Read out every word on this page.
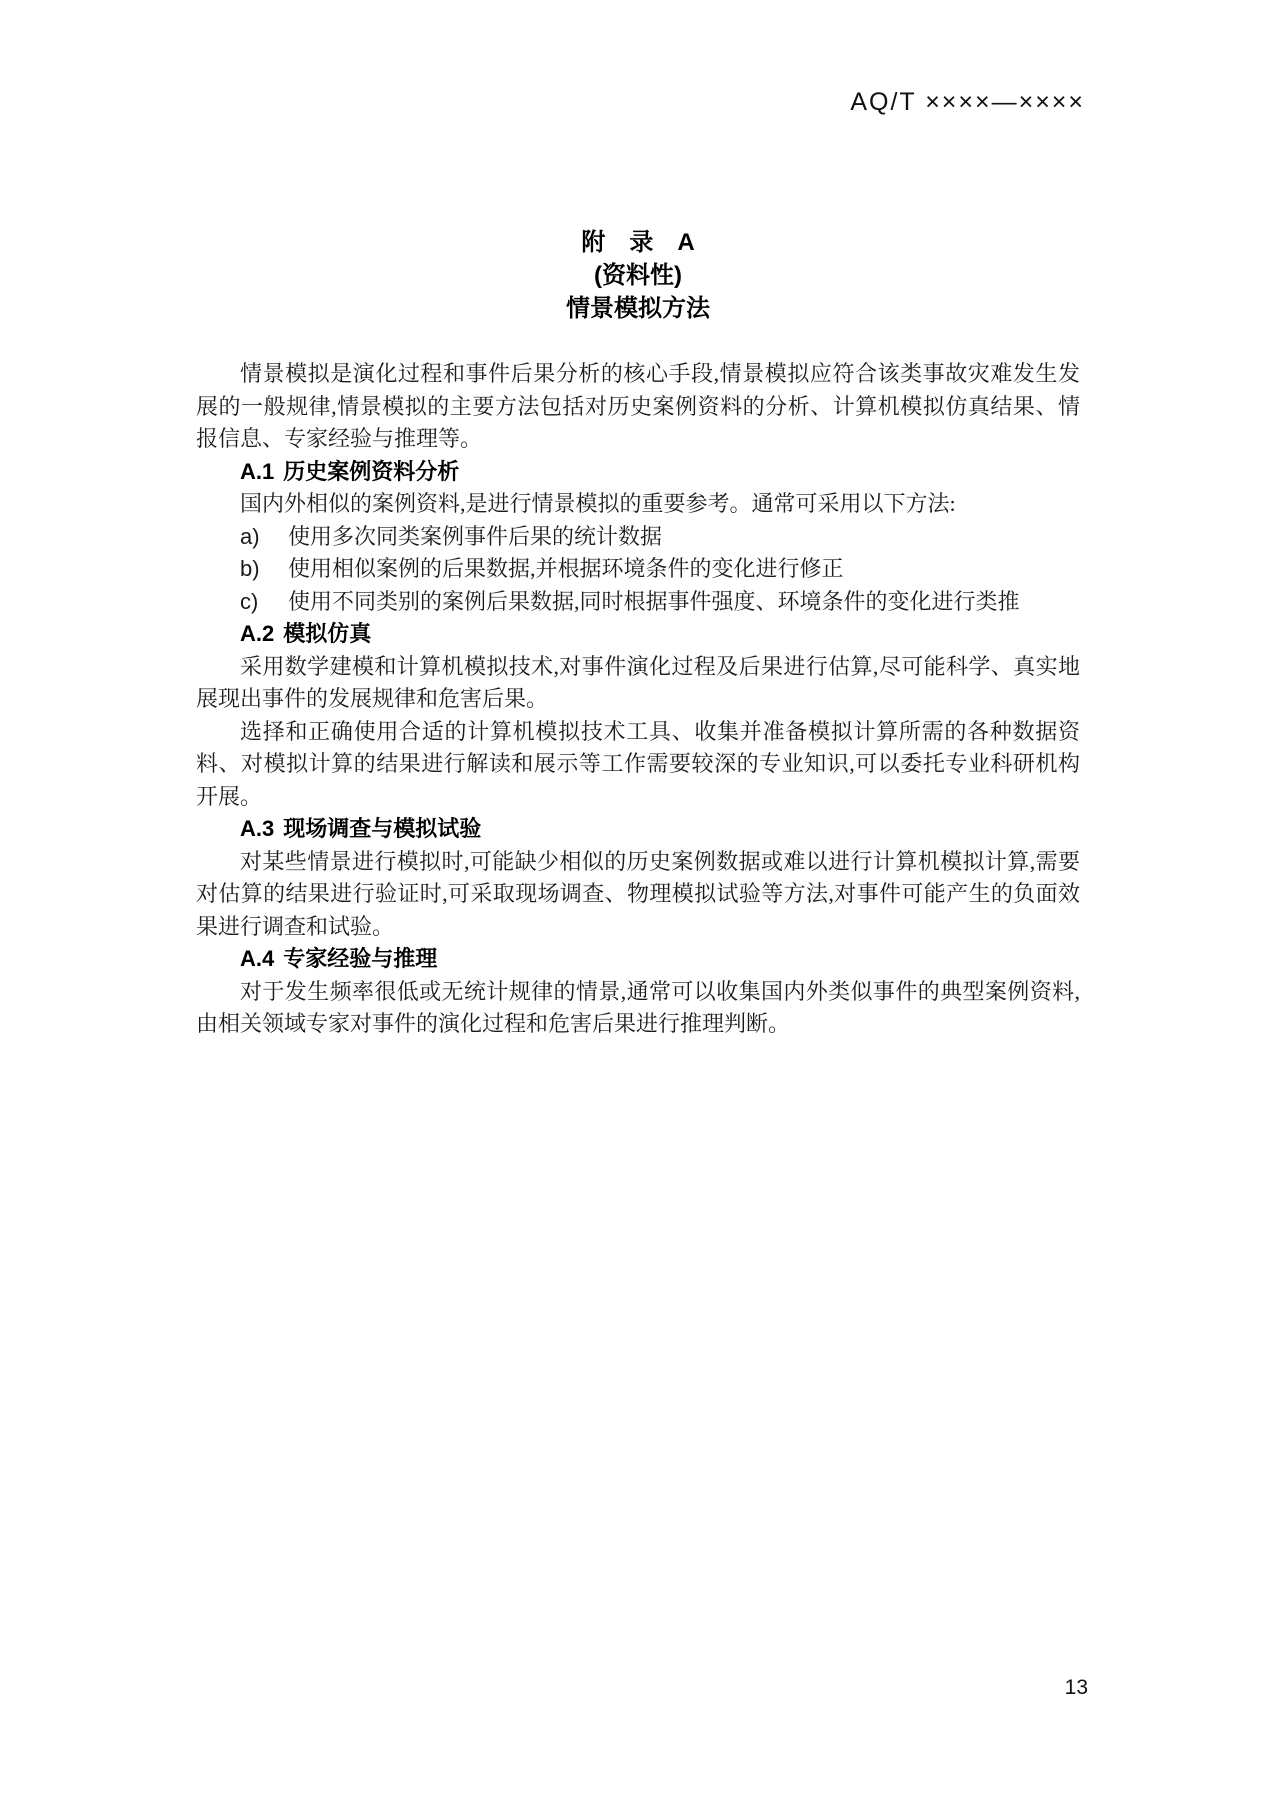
AQ/T ××××—××××
附　录　A
(资料性)
情景模拟方法

情景模拟是演化过程和事件后果分析的核心手段,情景模拟应符合该类事故灾难发生发展的一般规律,情景模拟的主要方法包括对历史案例资料的分析、计算机模拟仿真结果、情报信息、专家经验与推理等。

A.1 历史案例资料分析

国内外相似的案例资料,是进行情景模拟的重要参考。通常可采用以下方法:

a) 使用多次同类案例事件后果的统计数据
b) 使用相似案例的后果数据,并根据环境条件的变化进行修正
c) 使用不同类别的案例后果数据,同时根据事件强度、环境条件的变化进行类推
A.2 模拟仿真

采用数学建模和计算机模拟技术,对事件演化过程及后果进行估算,尽可能科学、真实地展现出事件的发展规律和危害后果。

选择和正确使用合适的计算机模拟技术工具、收集并准备模拟计算所需的各种数据资料、对模拟计算的结果进行解读和展示等工作需要较深的专业知识,可以委托专业科研机构开展。

A.3 现场调查与模拟试验

对某些情景进行模拟时,可能缺少相似的历史案例数据或难以进行计算机模拟计算,需要对估算的结果进行验证时,可采取现场调查、物理模拟试验等方法,对事件可能产生的负面效果进行调查和试验。

A.4 专家经验与推理

对于发生频率很低或无统计规律的情景,通常可以收集国内外类似事件的典型案例资料,由相关领域专家对事件的演化过程和危害后果进行推理判断。

13
